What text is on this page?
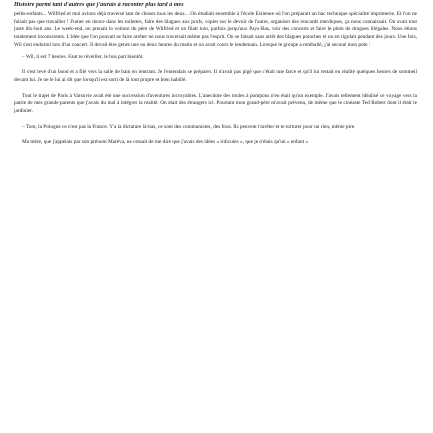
Histoire parmi tant d'autres que j'aurais à raconter plus tard à mes

petits-enfants... Wilfried et moi avions déjà traversé tant de choses tous les deux... On étudiait ensemble à l'école Estienne où l'on préparait un bac technique spécialité imprimerie. Et l'on ne faisait pas que travailler ! Fumer en douce dans les toilettes, faire des blagues aux profs, copier sur le devoir de l'autre, organiser des rencards merdiques, ça nous connaissait. On avait tout juste dix-huit ans. Le week-end, on prenait la voiture du père de Wilfried et on filait loin, parfois jusqu'aux Pays-Bas, voir des concerts et faire le plein de drogues illégales. Nous étions totalement inconscients. L'idée que l'on pouvait se faire arrêter ne nous traversait même pas l'esprit. On se faisait sans arrêt des blagues potaches et on en rigolait pendant des jours. Une fois, Wil s'est endormi lors d'un concert. Il devait être genre une ou deux heures du matin et on avait cours le lendemain. Lorsque le groupe a remballé, j'ai secoué mon pote :

– Wil, il est 7 heures. Faut te réveiller, le bus part bientôt.

Il s'est levé d'un bond et a filé vers la salle de bain en rentrant. Je l'entendais se préparer. Il n'avait pas pigé que c'était une farce et qu'il lui restait en réalité quelques heures de sommeil devant lui. Je ne le lui ai dit que lorsqu'il est sorti de là tout propre et bien habillé.

Tout le trajet de Paris à Varsovie avait été une succession d'aventures incroyables. L'anecdote des mules à pompons n'en était qu'un exemple. J'avais tellement idéalisé ce voyage vers la patrie de mes grands-parents que j'avais du mal à intégrer la réalité. On était des étrangers ici. Pourtant mon grand-père m'avait prévenu, de même que le cinéaste Ted Robert dont il était le jardinier.

– Tom, la Pologne ce n'est pas la France. Y'a la dictature là-bas, ce sont des communistes, des fous. Ils peuvent t'arrêter et te torturer pour un rien, même pire.

Ma mère, que j'appelais par son prénom Marêva, ne cessait de me dire que j'avais des idées « ridicules », que je n'étais qu'un « enfant »
